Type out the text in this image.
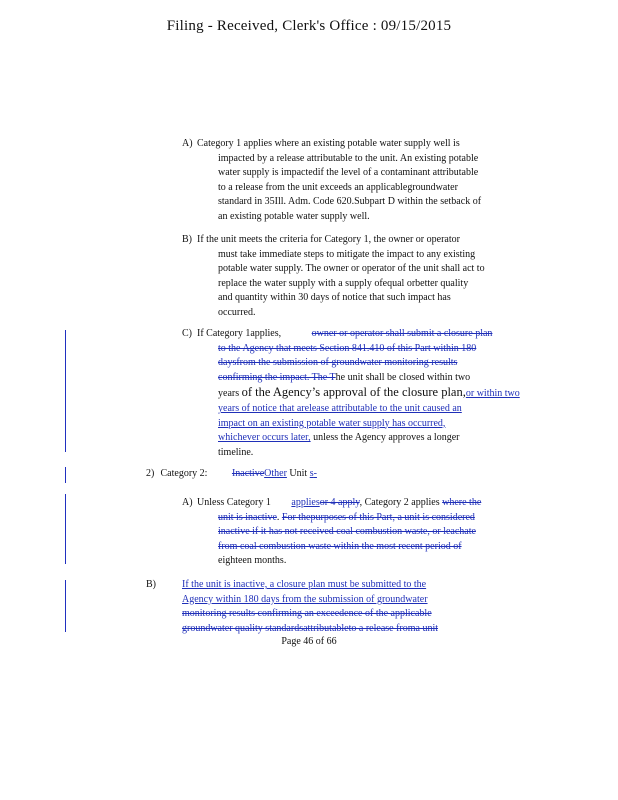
Filing - Received, Clerk's Office : 09/15/2015
A) Category 1 applies where an existing potable water supply well is
impacted by a release attributable to the unit. An existing potable
water supply is impactedif the level of a contaminant attributable
to a release from the unit exceeds an applicablegroundwater
standard in 35Ill. Adm. Code 620.Subpart D within the setback of
an existing potable water supply well.
B) If the unit meets the criteria for Category 1, the owner or operator
must take immediate steps to mitigate the impact to any existing
potable water supply. The owner or operator of the unit shall act to
replace the water supply with a supply ofequal orbetter quality
and quantity within 30 days of notice that such impact has
occurred.
C) If Category 1applies,	owner or operator shall submit a closure plan
to the Agency that meets Section 841.410 of this Part within 180
daysfrom the submission of groundwater monitoring results
confirming the impact. The The unit shall be closed within two
years of the Agency’s approval of the closure plan,or within two
years of notice that arelease attributable to the unit caused an
impact on an existing potable water supply has occurred,
whichever occurs later, unless the Agency approves a longer
timeline.
2) Category 2: InactiveOther Unit s-
A) Unless Category 1 appliesor 4 apply, Category 2 applies where the
unit is inactive. For thepurposes of this Part, a unit is considered
inactive if it has not received coal combustion waste, or leachate
from coal combustion waste within the most recent period of
eighteen months.
B)	If the unit is inactive, a closure plan must be submitted to the
Agency within 180 days from the submission of groundwater
monitoring results confirming an exceedence of the applicable
groundwater quality standardsattributableto a release froma unit
Page 46 of 66
